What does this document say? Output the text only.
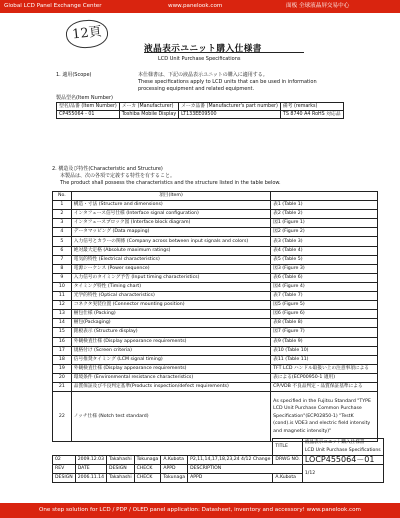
Global LCD Panel Exchange Center	www.panelook.com	面板 全球液晶屏交易中心
12頁
液晶表示ユニット購入仕様書
LCD Unit Purchase Specifications
1. 適用(Scope)	本仕様書は、下記の液晶表示ユニットの購入に適用する。
These specifications apply to LCD units that can be used in information
processing equipment and related equipment.
製品型名(Item Number)
型名/品番 (Item Number)	メーカ (Manufacturer)	メーカ品番 (Manufacturer's part number)	備考 (remarks)
CP455064 - 01	Toshiba Mobile Display	LT133EE09500	TS 8740 A4 RoHS 対応品
2. 構造及び特性(Characteristic and Structure)
本製品は、次の各項で定義する特性を有すること。
The product shall possess the characteristics and the structure listed in the table below.
No.	項目(Item)	
1	構造・寸法 (Structure and dimensions)	表1 (Table 1)
2	インタフェース信号仕様 (Interface signal configuration)	表2 (Table 2)
3	インタフェースブロック図 (Interface block diagram)	図1 (Figure 1)
4	データマッピング (Data mapping)	図2 (Figure 2)
5	入力信号とカラーの関係 (Company across between input signals and colors)	表3 (Table 3)
6	絶対最大定格 (Absolute maximum ratings)	表4 (Table 4)
7	電気的特性 (Electrical characteristics)	表5 (Table 5)
8	電源シーケンス (Power sequence)	図3 (Figure 3)
9	入力信号のタイミング予告 (Input timing characteristics)	表6 (Table 6)
10	タイミング特性 (Timing chart)	図4 (Figure 4)
11	光学的特性 (Optical characteristics)	表7 (Table 7)
12	コネクタ実装位置 (Connector mounting position)	図5 (Figure 5)
13	梱包仕様 (Packing)	図6 (Figure 6)
14	梱包(Packaging)	表8 (Table 8)
15	銘板表示 (Structure display)	図7 (Figure 7)
16	外観検査仕様 (Display appearance requirements)	表9 (Table 9)
17	規格付け (Screen criteria)	表10 (Table 10)
18	信号推奨タイミング (LCM signal timing)	表11 (Table 11)
19	外観検査仕様 (Display appearance requirements)	TFT LCD ハンドル取扱い上の注意事項による
20	環境条件 (Environmental resistance characteristics)	表による(ECP00950-1 適用)
21	品質保証及び不良判定基準(Products inspection/defect requirements)	CP/VDB 不良品判定・品質保証基準による
22	ノッチ仕様 (Notch test standard)	As specified in the Fujitsu Standard "TYPE LCD Unit Purchase Common Purchase Specification"(ECP02850-1) "TestK (cond).is VDE3 and electric field intensity and magnetic intensity)"
						TITLE	液晶表示ユニット購入仕様書
LCD Unit Purchase Specifications
02	2009.12.03	Takahashi	Tokunaga	A.Kubota	P2,11,14,17,18,23,24 4/12 Change	DRWG NO.	LOCP455064－01
REV	DATE	DESIGN	CHECK	APPD	DESCRIPTION		1/12
DESIGN	2006.11.14	Takahashi	CHECK	Tokunaga	APPD	A.Kubota	
One step solution for LCD / PDP / OLED panel application: Datasheet, inventory and accessory! www.panelook.com
